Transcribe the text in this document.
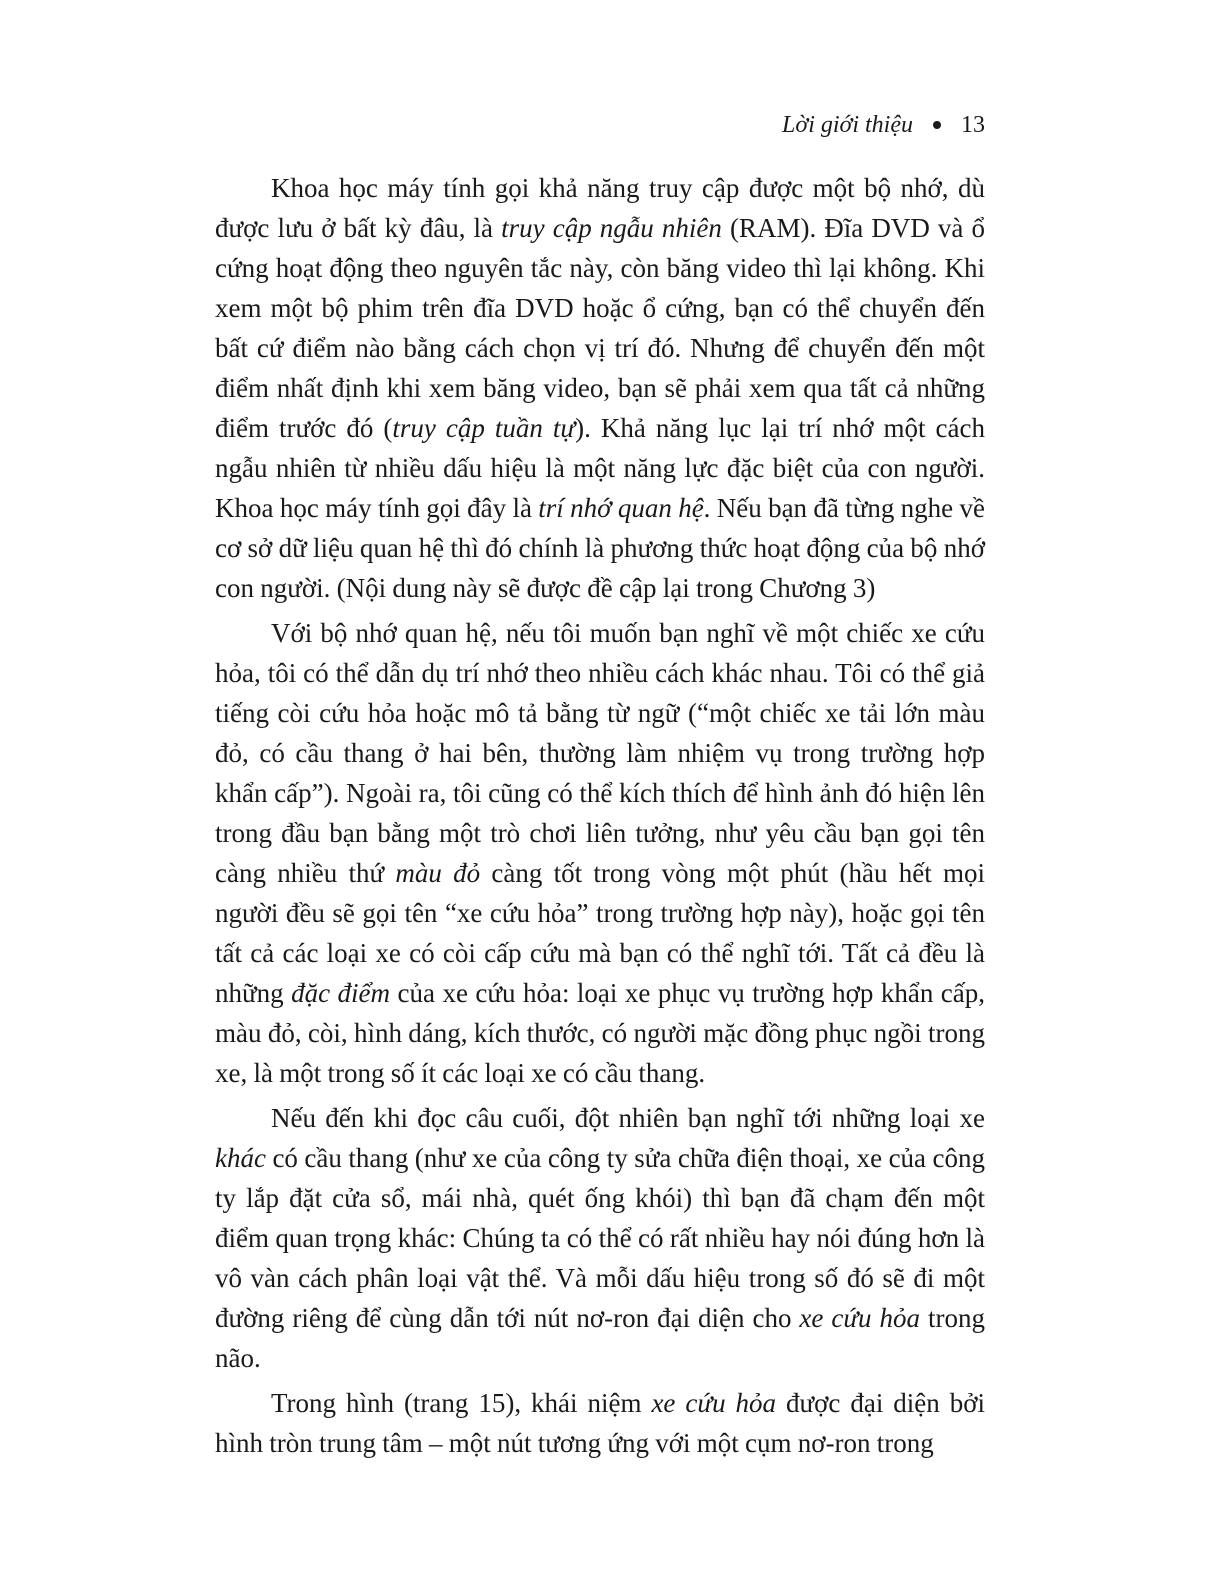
Lời giới thiệu 13

Khoa học máy tính gọi khả năng truy cập được một bộ nhớ, dù được lưu ở bất kỳ đâu, là truy cập ngẫu nhiên (RAM). Đĩa DVD và ổ cứng hoạt động theo nguyên tắc này, còn băng video thì lại không. Khi xem một bộ phim trên đĩa DVD hoặc ổ cứng, bạn có thể chuyển đến bất cứ điểm nào bằng cách chọn vị trí đó. Nhưng để chuyển đến một điểm nhất định khi xem băng video, bạn sẽ phải xem qua tất cả những điểm trước đó (truy cập tuần tự). Khả năng lục lại trí nhớ một cách ngẫu nhiên từ nhiều dấu hiệu là một năng lực đặc biệt của con người. Khoa học máy tính gọi đây là trí nhớ quan hệ. Nếu bạn đã từng nghe về cơ sở dữ liệu quan hệ thì đó chính là phương thức hoạt động của bộ nhớ con người. (Nội dung này sẽ được đề cập lại trong Chương 3)

Với bộ nhớ quan hệ, nếu tôi muốn bạn nghĩ về một chiếc xe cứu hỏa, tôi có thể dẫn dụ trí nhớ theo nhiều cách khác nhau. Tôi có thể giả tiếng còi cứu hỏa hoặc mô tả bằng từ ngữ (“một chiếc xe tải lớn màu đỏ, có cầu thang ở hai bên, thường làm nhiệm vụ trong trường hợp khẩn cấp”). Ngoài ra, tôi cũng có thể kích thích để hình ảnh đó hiện lên trong đầu bạn bằng một trò chơi liên tưởng, như yêu cầu bạn gọi tên càng nhiều thứ màu đỏ càng tốt trong vòng một phút (hầu hết mọi người đều sẽ gọi tên “xe cứu hỏa” trong trường hợp này), hoặc gọi tên tất cả các loại xe có còi cấp cứu mà bạn có thể nghĩ tới. Tất cả đều là những đặc điểm của xe cứu hỏa: loại xe phục vụ trường hợp khẩn cấp, màu đỏ, còi, hình dáng, kích thước, có người mặc đồng phục ngồi trong xe, là một trong số ít các loại xe có cầu thang.

Nếu đến khi đọc câu cuối, đột nhiên bạn nghĩ tới những loại xe khác có cầu thang (như xe của công ty sửa chữa điện thoại, xe của công ty lắp đặt cửa sổ, mái nhà, quét ống khói) thì bạn đã chạm đến một điểm quan trọng khác: Chúng ta có thể có rất nhiều hay nói đúng hơn là vô vàn cách phân loại vật thể. Và mỗi dấu hiệu trong số đó sẽ đi một đường riêng để cùng dẫn tới nút nơ-ron đại diện cho xe cứu hỏa trong não.

Trong hình (trang 15), khái niệm xe cứu hỏa được đại diện bởi hình tròn trung tâm – một nút tương ứng với một cụm nơ-ron trong
